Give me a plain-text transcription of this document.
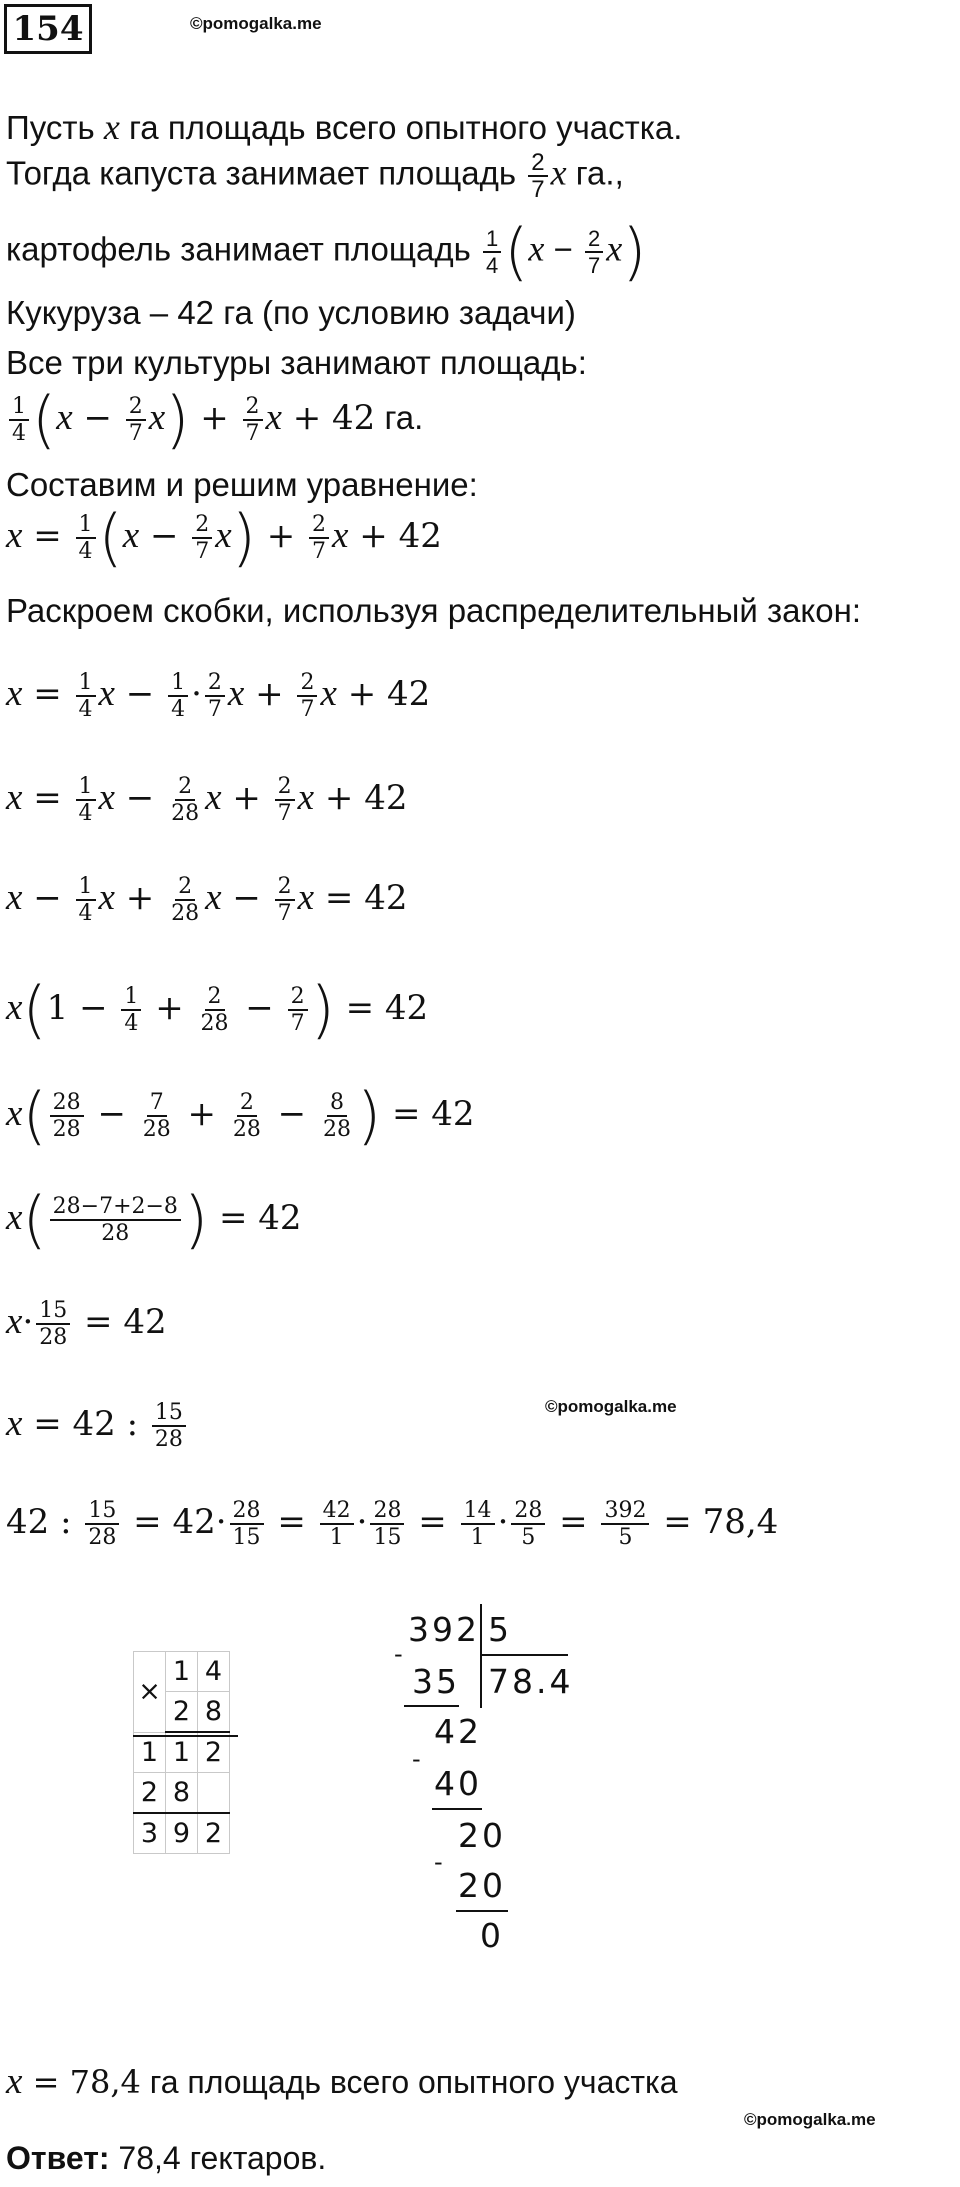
154	©pomogalka.me
Пусть x га площадь всего опытного участка.
Тогда капуста занимает площадь $\frac{2}{7}$ x га.,
картофель занимает площадь $\frac{1}{4} (x - \frac{2}{7} x)$
Кукуруза – 42 га (по условию задачи)
Все три культуры занимают площадь:
$\frac{1}{4} (x - \frac{2}{7} x) + \frac{2}{7}$ x + 42 га.
Составим и решим уравнение:
$x = \frac{1}{4} (x - \frac{2}{7} x) + \frac{2}{7}$ x + 42
Раскроем скобки, используя распределительный закон:
$x = \frac{1}{4}$ $x - \frac{1}{4} \cdot \frac{2}{7}$ $x + \frac{2}{7}$ x + 42
$x = \frac{1}{4}$ $x - \frac{2}{28}$ $x + \frac{2}{7}$ x + 42
$x - \frac{1}{4}$ $x + \frac{2}{28}$ $x - \frac{2}{7}$ x = 42
$x(1 - \frac{1}{4} + \frac{2}{28} - \frac{2}{7}$ ) = 42
$x( \frac{28}{28} - \frac{7}{28} + \frac{2}{28} - \frac{8}{28}$ ) = 42
$x( \frac{28-7+2-8}{28}$ ) = 42
$x\cdot \frac{15}{28} = 42$
x = 42 : $\frac{15}{28}$	©pomogalka.me
42 : $\frac{15}{28} = 42\cdot \frac{28}{15} = \frac{42}{1} \cdot \frac{28}{15} = \frac{14}{1} \cdot \frac{28}{5} = \frac{392}{5} = 78,4$
×	1	4
	2	8
1	1	2
2	8	
3	9	2
392 5
78.4
-
35
42
-
40
20
-
20
0
x = 78,4 га площадь всего опытного участка
©pomogalka.me
Ответ: 78,4 гектаров.
